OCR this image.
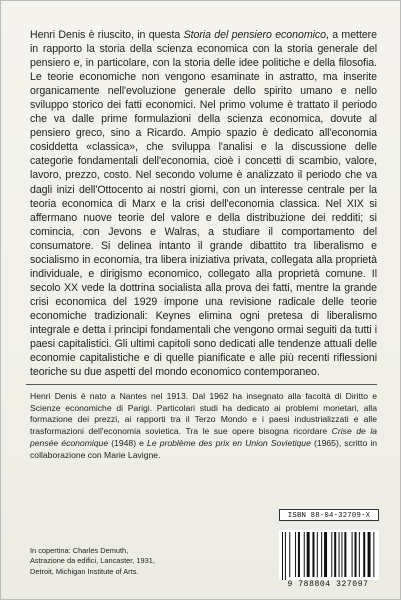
Henri Denis è riuscito, in questa Storia del pensiero economico, a mettere in rapporto la storia della scienza economica con la storia generale del pensiero e, in particolare, con la storia delle idee politiche e della filosofia. Le teorie economiche non vengono esaminate in astratto, ma inserite organicamente nell'evoluzione generale dello spirito umano e nello sviluppo storico dei fatti economici. Nel primo volume è trattato il periodo che va dalle prime formulazioni della scienza economica, dovute al pensiero greco, sino a Ricardo. Ampio spazio è dedicato all'economia cosiddetta «classica», che sviluppa l'analisi e la discussione delle categorie fondamentali dell'economia, cioè i concetti di scambio, valore, lavoro, prezzo, costo. Nel secondo volume è analizzato il periodo che va dagli inizi dell'Ottocento ai nostri giorni, con un interesse centrale per la teoria economica di Marx e la crisi dell'economia classica. Nel XIX si affermano nuove teorie del valore e della distribuzione dei redditi; si comincia, con Jevons e Walras, a studiare il comportamento del consumatore. Si delinea intanto il grande dibattito tra liberalismo e socialismo in economia, tra libera iniziativa privata, collegata alla proprietà individuale, e dirigismo economico, collegato alla proprietà comune. Il secolo XX vede la dottrina socialista alla prova dei fatti, mentre la grande crisi economica del 1929 impone una revisione radicale delle teorie economiche tradizionali: Keynes elimina ogni pretesa di liberalismo integrale e detta i principi fondamentali che vengono ormai seguiti da tutti i paesi capitalistici. Gli ultimi capitoli sono dedicati alle tendenze attuali delle economie capitalistiche e di quelle pianificate e alle più recenti riflessioni teoriche su due aspetti del mondo economico contemporaneo.
Henri Denis è nato a Nantes nel 1913. Dal 1962 ha insegnato alla facoltà di Diritto e Scienze economiche di Parigi. Particolari studi ha dedicato ai problemi monetari, alla formazione dei prezzi, ai rapporti tra il Terzo Mondo e i paesi industrializzati e alle trasformazioni dell'economia sovietica. Tra le sue opere bisogna ricordare Crise de la pensée économique (1948) e Le problème des prix en Union Sovietique (1965), scritto in collaborazione con Marie Lavigne.
ISBN 88-04-32709-X
In copertina: Charles Demuth,
Astrazione da edifici, Lancaster, 1931,
Detroit, Michigan Institute of Arts.
9 788804 327097
